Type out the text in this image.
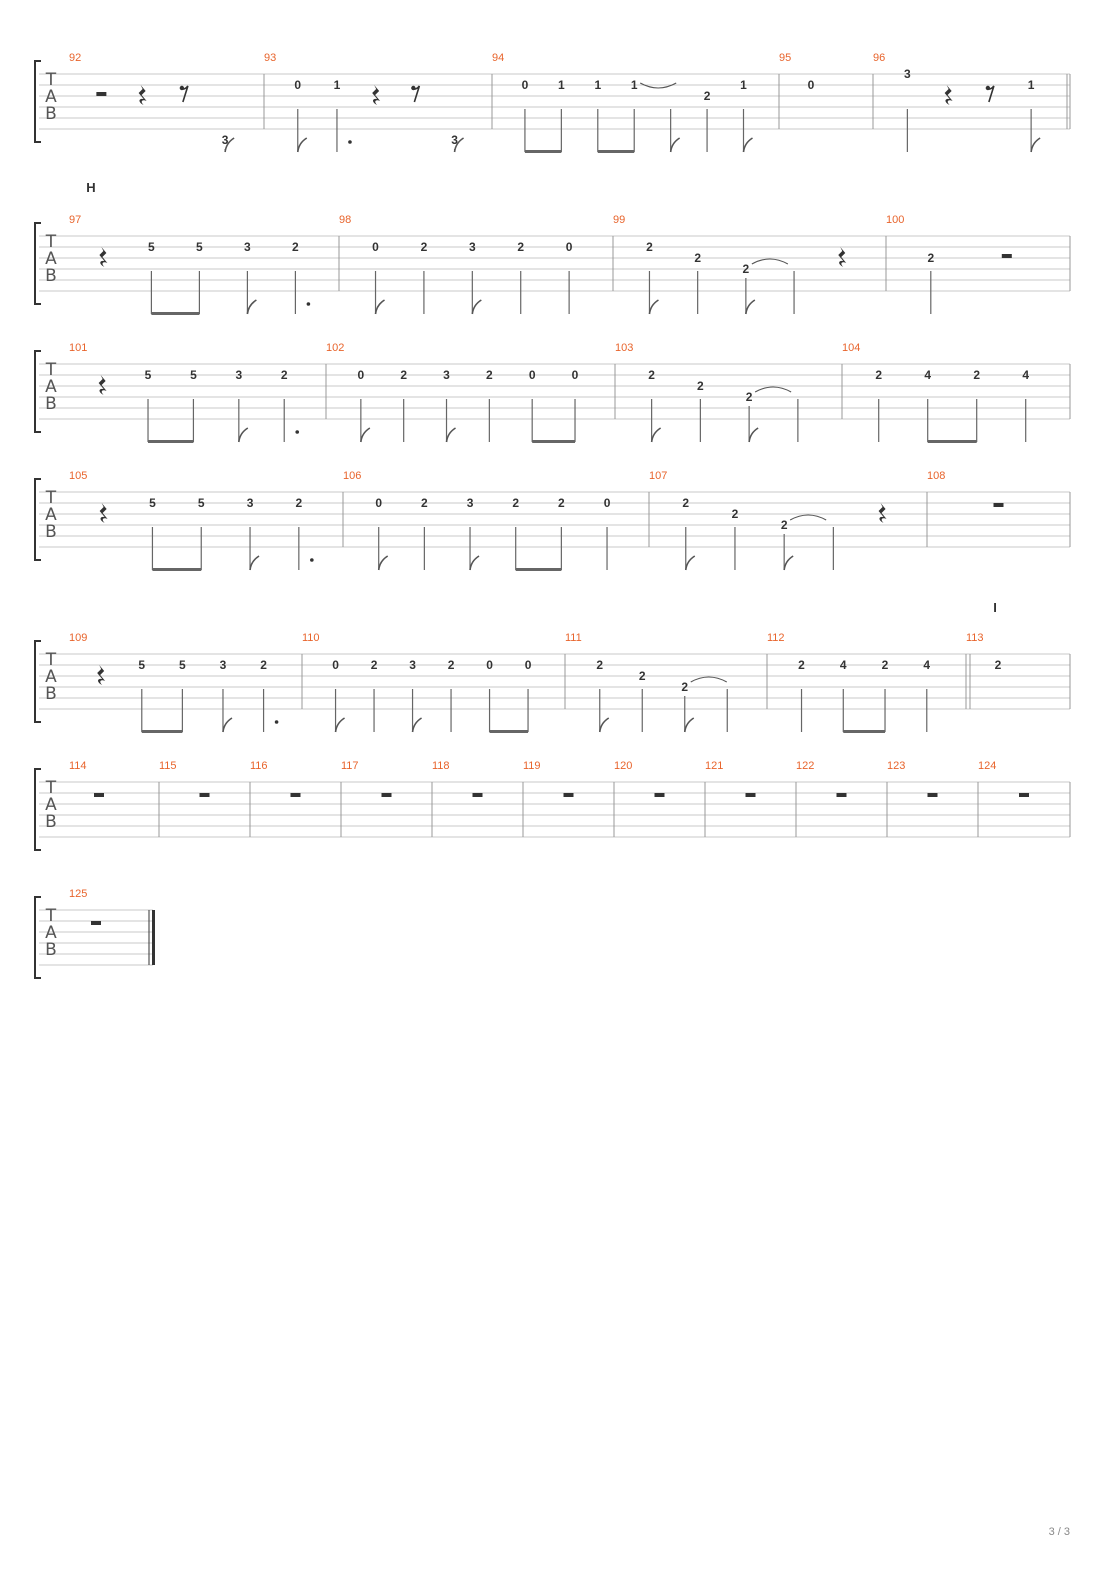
T
A
B
92
3
93
0	1
3
94
0 1 1 1
2
1
95
0
96
3
1
T
A
B
H
97
5	5	3	2
98
0	2	3	2	0
99
2
2
2
100
2
T
A
B
101
5	5	3	2
102
0	2	3	2	0	0
103
2
2
2
104
2	4	2	4
T
A
B
105
5	5	3	2
106
0	2	3	2	2	0
107
2
2
2
108
T
A
B
I
109
5	5	3	2
110
0	2	3	2	0	0
111
2
2
2
112
2	4	2	4
113
2
T
A
B
114	115	116	117	118	119	120	121	122	123	124
T
A
B
125
3 / 3
